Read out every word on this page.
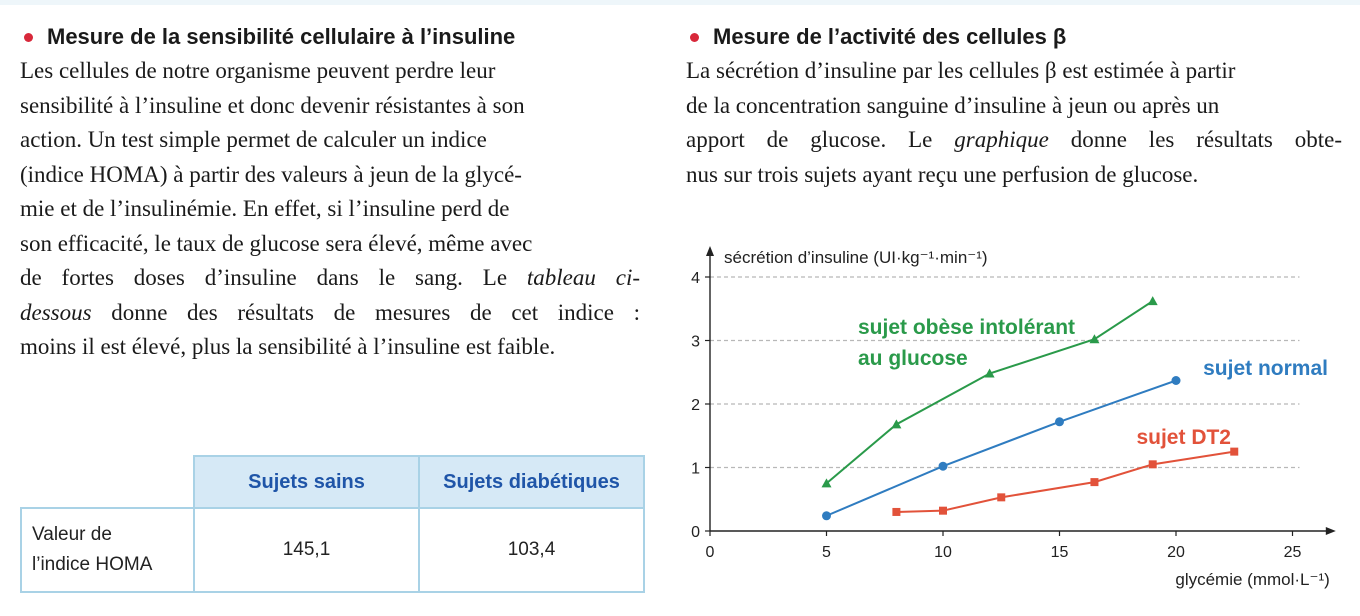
Mesure de la sensibilité cellulaire à l’insuline
Les cellules de notre organisme peuvent perdre leur
sensibilité à l’insuline et donc devenir résistantes à son
action. Un test simple permet de calculer un indice
(indice HOMA) à partir des valeurs à jeun de la glycé-
mie et de l’insulinémie. En effet, si l’insuline perd de
son efficacité, le taux de glucose sera élevé, même avec
de fortes doses d’insuline dans le sang. Le tableau ci-
dessous donne des résultats de mesures de cet indice :
moins il est élevé, plus la sensibilité à l’insuline est faible.
	Sujets sains	Sujets diabétiques

Valeur de
l’indice HOMA	145,1	103,4
Mesure de l’activité des cellules β
La sécrétion d’insuline par les cellules β est estimée à partir
de la concentration sanguine d’insuline à jeun ou après un
apport de glucose. Le graphique donne les résultats obte-
nus sur trois sujets ayant reçu une perfusion de glucose.
0
1
2
3
4
0	5	10	15	20	25
sécrétion d’insuline (UI·kg⁻¹·min⁻¹)
glycémie (mmol·L⁻¹)
sujet obèse intolérant
au glucose	sujet normal
sujet DT2
